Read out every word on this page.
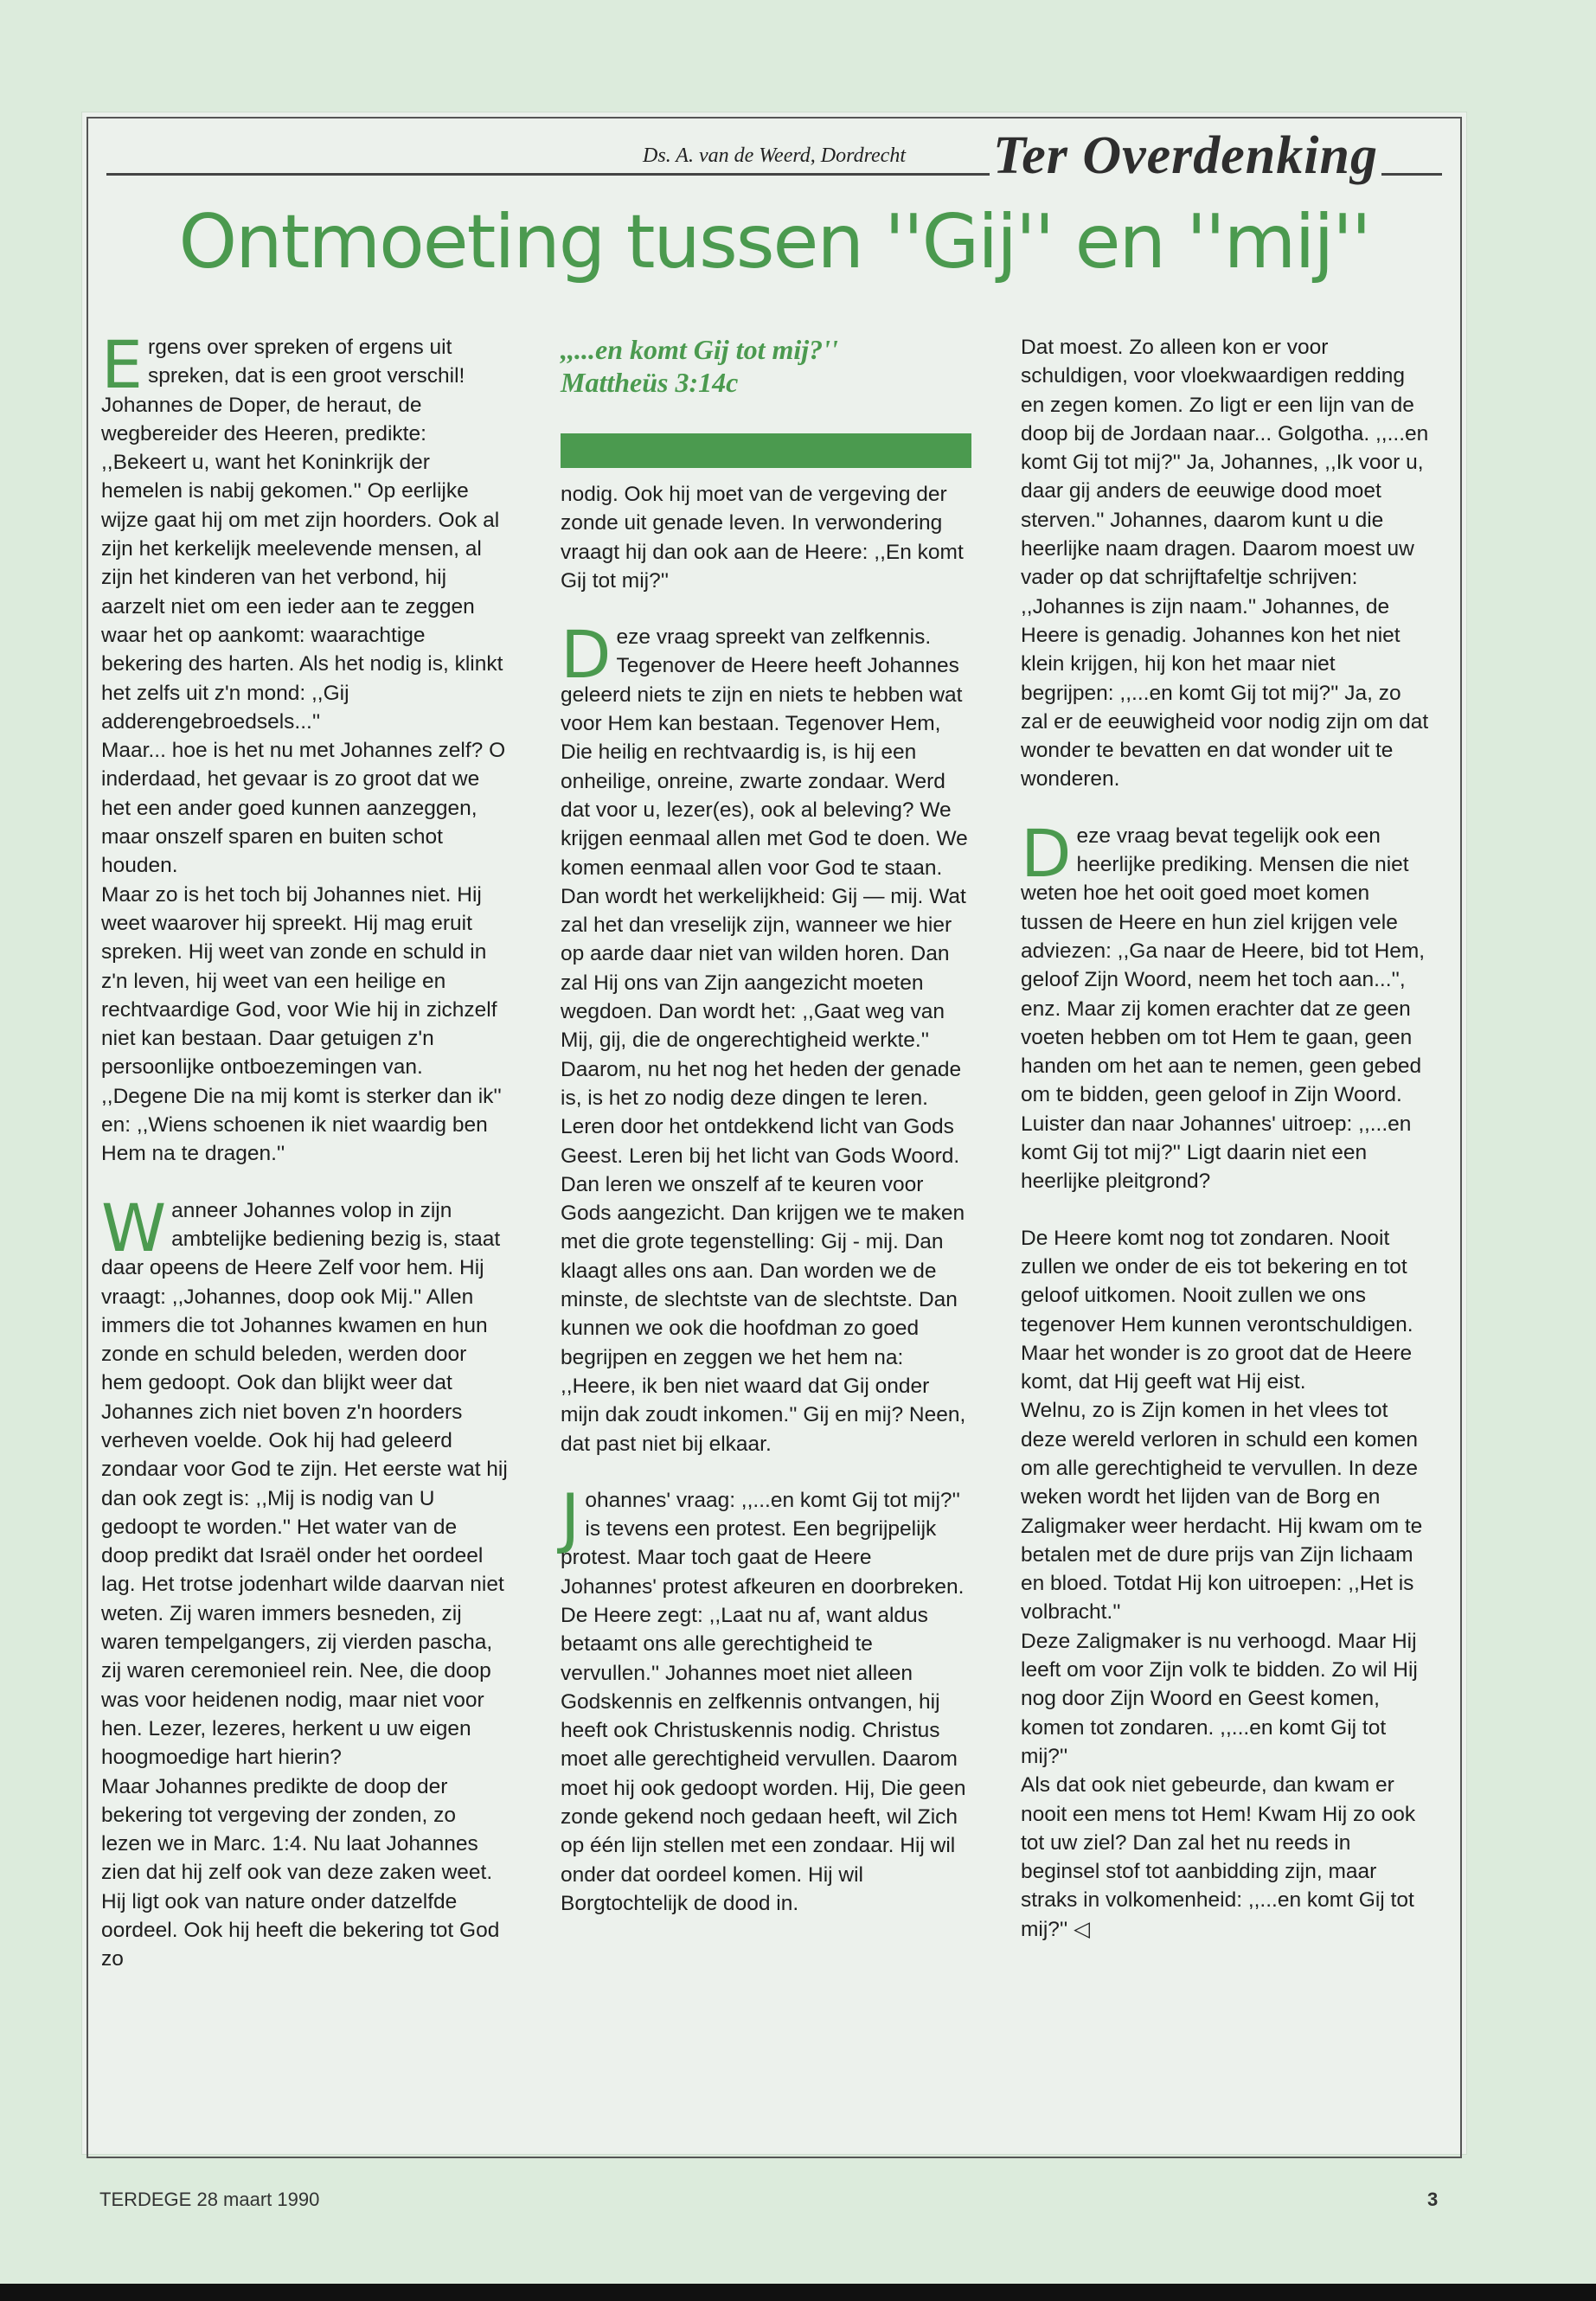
Ds. A. van de Weerd, Dordrecht Ter Overdenking
Ontmoeting tussen ''Gij'' en ''mij''

Ergens over spreken of ergens uit spreken, dat is een groot verschil! Johannes de Doper, de heraut, de wegbereider des Heeren, predikte: ,,Bekeert u, want het Koninkrijk der hemelen is nabij gekomen.'' Op eerlijke wijze gaat hij om met zijn hoorders. Ook al zijn het kerkelijk meelevende mensen, al zijn het kinderen van het verbond, hij aarzelt niet om een ieder aan te zeggen waar het op aankomt: waarachtige bekering des harten. Als het nodig is, klinkt het zelfs uit z'n mond: ,,Gij adderengebroedsels...''

Maar... hoe is het nu met Johannes zelf? O inderdaad, het gevaar is zo groot dat we het een ander goed kunnen aanzeggen, maar onszelf sparen en buiten schot houden.

Maar zo is het toch bij Johannes niet. Hij weet waarover hij spreekt. Hij mag eruit spreken. Hij weet van zonde en schuld in z'n leven, hij weet van een heilige en rechtvaardige God, voor Wie hij in zichzelf niet kan bestaan. Daar getuigen z'n persoonlijke ontboezemingen van. ,,Degene Die na mij komt is sterker dan ik'' en: ,,Wiens schoenen ik niet waardig ben Hem na te dragen.''

Wanneer Johannes volop in zijn ambtelijke bediening bezig is, staat daar opeens de Heere Zelf voor hem. Hij vraagt: ,,Johannes, doop ook Mij.'' Allen immers die tot Johannes kwamen en hun zonde en schuld beleden, werden door hem gedoopt. Ook dan blijkt weer dat Johannes zich niet boven z'n hoorders verheven voelde. Ook hij had geleerd zondaar voor God te zijn. Het eerste wat hij dan ook zegt is: ,,Mij is nodig van U gedoopt te worden.'' Het water van de doop predikt dat Israël onder het oordeel lag. Het trotse jodenhart wilde daarvan niet weten. Zij waren immers besneden, zij waren tempelgangers, zij vierden pascha, zij waren ceremonieel rein. Nee, die doop was voor heidenen nodig, maar niet voor hen. Lezer, lezeres, herkent u uw eigen hoogmoedige hart hierin?

Maar Johannes predikte de doop der bekering tot vergeving der zonden, zo lezen we in Marc. 1:4. Nu laat Johannes zien dat hij zelf ook van deze zaken weet. Hij ligt ook van nature onder datzelfde oordeel. Ook hij heeft die bekering tot God zo

,,...en komt Gij tot mij?''
Mattheüs 3:14c

nodig. Ook hij moet van de vergeving der zonde uit genade leven. In verwondering vraagt hij dan ook aan de Heere: ,,En komt Gij tot mij?''

Deze vraag spreekt van zelfkennis. Tegenover de Heere heeft Johannes geleerd niets te zijn en niets te hebben wat voor Hem kan bestaan. Tegenover Hem, Die heilig en rechtvaardig is, is hij een onheilige, onreine, zwarte zondaar. Werd dat voor u, lezer(es), ook al beleving? We krijgen eenmaal allen met God te doen. We komen eenmaal allen voor God te staan. Dan wordt het werkelijkheid: Gij — mij. Wat zal het dan vreselijk zijn, wanneer we hier op aarde daar niet van wilden horen. Dan zal Hij ons van Zijn aangezicht moeten wegdoen. Dan wordt het: ,,Gaat weg van Mij, gij, die de ongerechtigheid werkte.'' Daarom, nu het nog het heden der genade is, is het zo nodig deze dingen te leren. Leren door het ontdekkend licht van Gods Geest. Leren bij het licht van Gods Woord. Dan leren we onszelf af te keuren voor Gods aangezicht. Dan krijgen we te maken met die grote tegenstelling: Gij - mij. Dan klaagt alles ons aan. Dan worden we de minste, de slechtste van de slechtste. Dan kunnen we ook die hoofdman zo goed begrijpen en zeggen we het hem na: ,,Heere, ik ben niet waard dat Gij onder mijn dak zoudt inkomen.'' Gij en mij? Neen, dat past niet bij elkaar.

Johannes' vraag: ,,...en komt Gij tot mij?'' is tevens een protest. Een begrijpelijk protest. Maar toch gaat de Heere Johannes' protest afkeuren en doorbreken. De Heere zegt: ,,Laat nu af, want aldus betaamt ons alle gerechtigheid te vervullen.'' Johannes moet niet alleen Godskennis en zelfkennis ontvangen, hij heeft ook Christuskennis nodig. Christus moet alle gerechtigheid vervullen. Daarom moet hij ook gedoopt worden. Hij, Die geen zonde gekend noch gedaan heeft, wil Zich op één lijn stellen met een zondaar. Hij wil onder dat oordeel komen. Hij wil Borgtochtelijk de dood in.

Dat moest. Zo alleen kon er voor schuldigen, voor vloekwaardigen redding en zegen komen. Zo ligt er een lijn van de doop bij de Jordaan naar... Golgotha. ,,...en komt Gij tot mij?'' Ja, Johannes, ,,Ik voor u, daar gij anders de eeuwige dood moet sterven.'' Johannes, daarom kunt u die heerlijke naam dragen. Daarom moest uw vader op dat schrijftafeltje schrijven: ,,Johannes is zijn naam.'' Johannes, de Heere is genadig. Johannes kon het niet klein krijgen, hij kon het maar niet begrijpen: ,,...en komt Gij tot mij?'' Ja, zo zal er de eeuwigheid voor nodig zijn om dat wonder te bevatten en dat wonder uit te wonderen.

Deze vraag bevat tegelijk ook een heerlijke prediking. Mensen die niet weten hoe het ooit goed moet komen tussen de Heere en hun ziel krijgen vele adviezen: ,,Ga naar de Heere, bid tot Hem, geloof Zijn Woord, neem het toch aan...'', enz. Maar zij komen erachter dat ze geen voeten hebben om tot Hem te gaan, geen handen om het aan te nemen, geen gebed om te bidden, geen geloof in Zijn Woord. Luister dan naar Johannes' uitroep: ,,...en komt Gij tot mij?'' Ligt daarin niet een heerlijke pleitgrond?

De Heere komt nog tot zondaren. Nooit zullen we onder de eis tot bekering en tot geloof uitkomen. Nooit zullen we ons tegenover Hem kunnen verontschuldigen. Maar het wonder is zo groot dat de Heere komt, dat Hij geeft wat Hij eist.

Welnu, zo is Zijn komen in het vlees tot deze wereld verloren in schuld een komen om alle gerechtigheid te vervullen. In deze weken wordt het lijden van de Borg en Zaligmaker weer herdacht. Hij kwam om te betalen met de dure prijs van Zijn lichaam en bloed. Totdat Hij kon uitroepen: ,,Het is volbracht.''

Deze Zaligmaker is nu verhoogd. Maar Hij leeft om voor Zijn volk te bidden. Zo wil Hij nog door Zijn Woord en Geest komen, komen tot zondaren. ,,...en komt Gij tot mij?''

Als dat ook niet gebeurde, dan kwam er nooit een mens tot Hem! Kwam Hij zo ook tot uw ziel? Dan zal het nu reeds in beginsel stof tot aanbidding zijn, maar straks in volkomenheid: ,,...en komt Gij tot mij?'' ◁

TERDEGE 28 maart 1990	3
